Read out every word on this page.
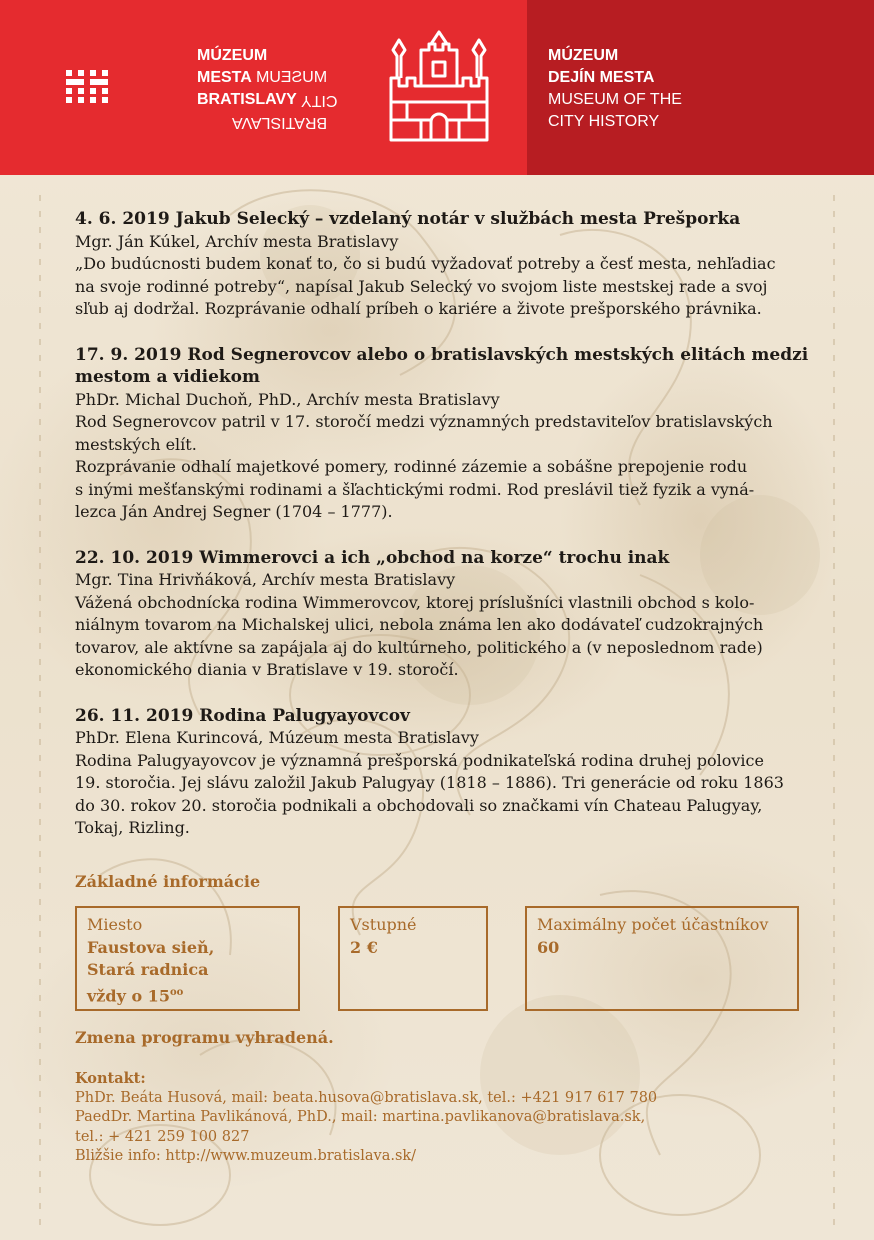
MÚZEUM
MESTA MUSEUM
BRATISLAVY CITY
BRATISLAVA
MÚZEUM
DEJÍN MESTA
MUSEUM OF THE
CITY HISTORY
4. 6. 2019 Jakub Selecký – vzdelaný notár v službách mesta Prešporka
Mgr. Ján Kúkel, Archív mesta Bratislavy
„Do budúcnosti budem konať to, čo si budú vyžadovať potreby a česť mesta, nehľadiac
na svoje rodinné potreby“, napísal Jakub Selecký vo svojom liste mestskej rade a svoj
sľub aj dodržal. Rozprávanie odhalí príbeh o kariére a živote prešporského právnika.
17. 9. 2019 Rod Segnerovcov alebo o bratislavských mestských elitách medzi mestom a vidiekom
PhDr. Michal Duchoň, PhD., Archív mesta Bratislavy
Rod Segnerovcov patril v 17. storočí medzi významných predstaviteľov bratislavských
mestských elít.
Rozprávanie odhalí majetkové pomery, rodinné zázemie a sobášne prepojenie rodu
s inými mešťanskými rodinami a šľachtickými rodmi. Rod preslávil tiež fyzik a vyná-
lezca Ján Andrej Segner (1704 – 1777).
22. 10. 2019 Wimmerovci a ich „obchod na korze“ trochu inak
Mgr. Tina Hrivňáková, Archív mesta Bratislavy
Vážená obchodnícka rodina Wimmerovcov, ktorej príslušníci vlastnili obchod s kolo-
niálnym tovarom na Michalskej ulici, nebola známa len ako dodávateľ cudzokrajných
tovarov, ale aktívne sa zapájala aj do kultúrneho, politického a (v neposlednom rade)
ekonomického diania v Bratislave v 19. storočí.
26. 11. 2019 Rodina Palugyayovcov
PhDr. Elena Kurincová, Múzeum mesta Bratislavy
Rodina Palugyayovcov je významná prešporská podnikateľská rodina druhej polovice
19. storočia. Jej slávu založil Jakub Palugyay (1818 – 1886). Tri generácie od roku 1863
do 30. rokov 20. storočia podnikali a obchodovali so značkami vín Chateau Palugyay,
Tokaj, Rizling.
Základné informácie
Miesto
Faustova sieň,
Stará radnica
vždy o $15^{oo}$
Vstupné
2 €
Maximálny počet účastníkov
60
Zmena programu vyhradená.
Kontakt:
PhDr. Beáta Husová, mail: beata.husova@bratislava.sk, tel.: +421 917 617 780
PaedDr. Martina Pavlikánová, PhD., mail: martina.pavlikanova@bratislava.sk,
tel.: + 421 259 100 827
Bližšie info: http://www.muzeum.bratislava.sk/
